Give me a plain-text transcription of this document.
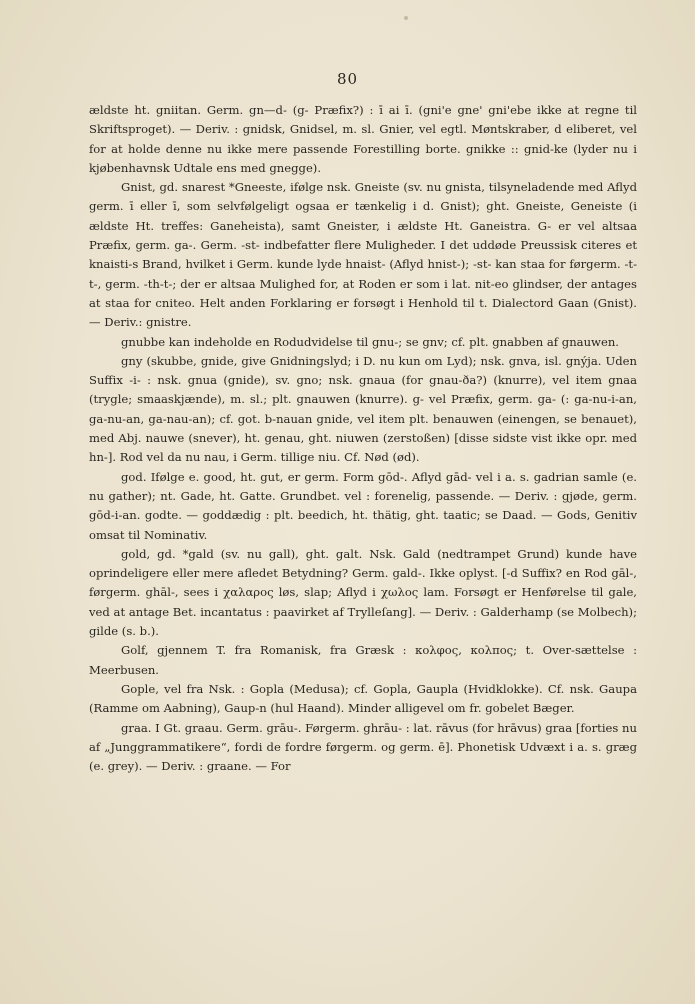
80

ældste ht. gniitan. Germ. gn—d- (g- Præfix?) : ī ai ī. (gni'e gne' gni'ebe ikke at regne til Skriftsproget). — Deriv. : gnidsk, Gnidsel, m. sl. Gnier, vel egtl. Møntskraber, d eliberet, vel for at holde denne nu ikke mere passende Forestilling borte. gnikke :: gnid-ke (lyder nu i kjøbenhavnsk Udtale ens med gnegge).

Gnist, gd. snarest *Gneeste, ifølge nsk. Gneiste (sv. nu gnista, tilsyneladende med Aflyd germ. ī eller ī, som selvfølgeligt ogsaa er tænkelig i d. Gnist); ght. Gneiste, Geneiste (i ældste Ht. treffes: Ganeheista), samt Gneister, i ældste Ht. Ganeistra. G- er vel altsaa Præfix, germ. ga-. Germ. -st- indbefatter flere Muligheder. I det uddøde Preussisk citeres et knaisti-s Brand, hvilket i Germ. kunde lyde hnaist- (Aflyd hnist-); -st- kan staa for førgerm. -t-t-, germ. -th-t-; der er altsaa Mulighed for, at Roden er som i lat. nit-eo glindser, der antages at staa for cniteo. Helt anden Forklaring er forsøgt i Henhold til t. Dialectord Gaan (Gnist). — Deriv.: gnistre.

gnubbe kan indeholde en Rodudvidelse til gnu-; se gnv; cf. plt. gnabben af gnauwen.

gny (skubbe, gnide, give Gnidningslyd; i D. nu kun om Lyd); nsk. gnva, isl. gnýja. Uden Suffix -i- : nsk. gnua (gnide), sv. gno; nsk. gnaua (for gnau-ða?) (knurre), vel item gnaa (trygle; smaaskjænde), m. sl.; plt. gnauwen (knurre). g- vel Præfix, germ. ga- (: ga-nu-i-an, ga-nu-an, ga-nau-an); cf. got. b-nauan gnide, vel item plt. benauwen (einengen, se benauet), med Abj. nauwe (snever), ht. genau, ght. niuwen (zerstoßen) [disse sidste vist ikke opr. med hn-]. Rod vel da nu nau, i Germ. tillige niu. Cf. Nød (ød).

god. Ifølge e. good, ht. gut, er germ. Form gōd-. Aflyd gād- vel i a. s. gadrian samle (e. nu gather); nt. Gade, ht. Gatte. Grundbet. vel : forenelig, passende. — Deriv. : gjøde, germ. gōd-i-an. godte. — goddædig : plt. beedich, ht. thätig, ght. taatic; se Daad. — Gods, Genitiv omsat til Nominativ.

gold, gd. *gald (sv. nu gall), ght. galt. Nsk. Gald (nedtrampet Grund) kunde have oprindeligere eller mere afledet Betydning? Germ. gald-. Ikke oplyst. [-d Suffix? en Rod gāl-, førgerm. ghāl-, sees i χαλαρος løs, slap; Aflyd i χωλος lam. Forsøgt er Henførelse til gale, ved at antage Bet. incantatus : paavirket af Trylleſang]. — Deriv. : Galderhamp (se Molbech); gilde (s. b.).

Golf, gjennem T. fra Romanisk, fra Græsk : κολφος, κολπος; t. Over-sættelse : Meerbusen.

Gople, vel fra Nsk. : Gopla (Medusa); cf. Gopla, Gaupla (Hvidklokke). Cf. nsk. Gaupa (Ramme om Aabning), Gaup-n (hul Haand). Minder alligevel om fr. gobelet Bæger.

graa. I Gt. graau. Germ. grāu-. Førgerm. ghrāu- : lat. rāvus (for hrāvus) graa [forties nu af „Junggrammatikere“, fordi de fordre førgerm. og germ. ē]. Phonetisk Udvæxt i a. s. græg (e. grey). — Deriv. : graane. — For
